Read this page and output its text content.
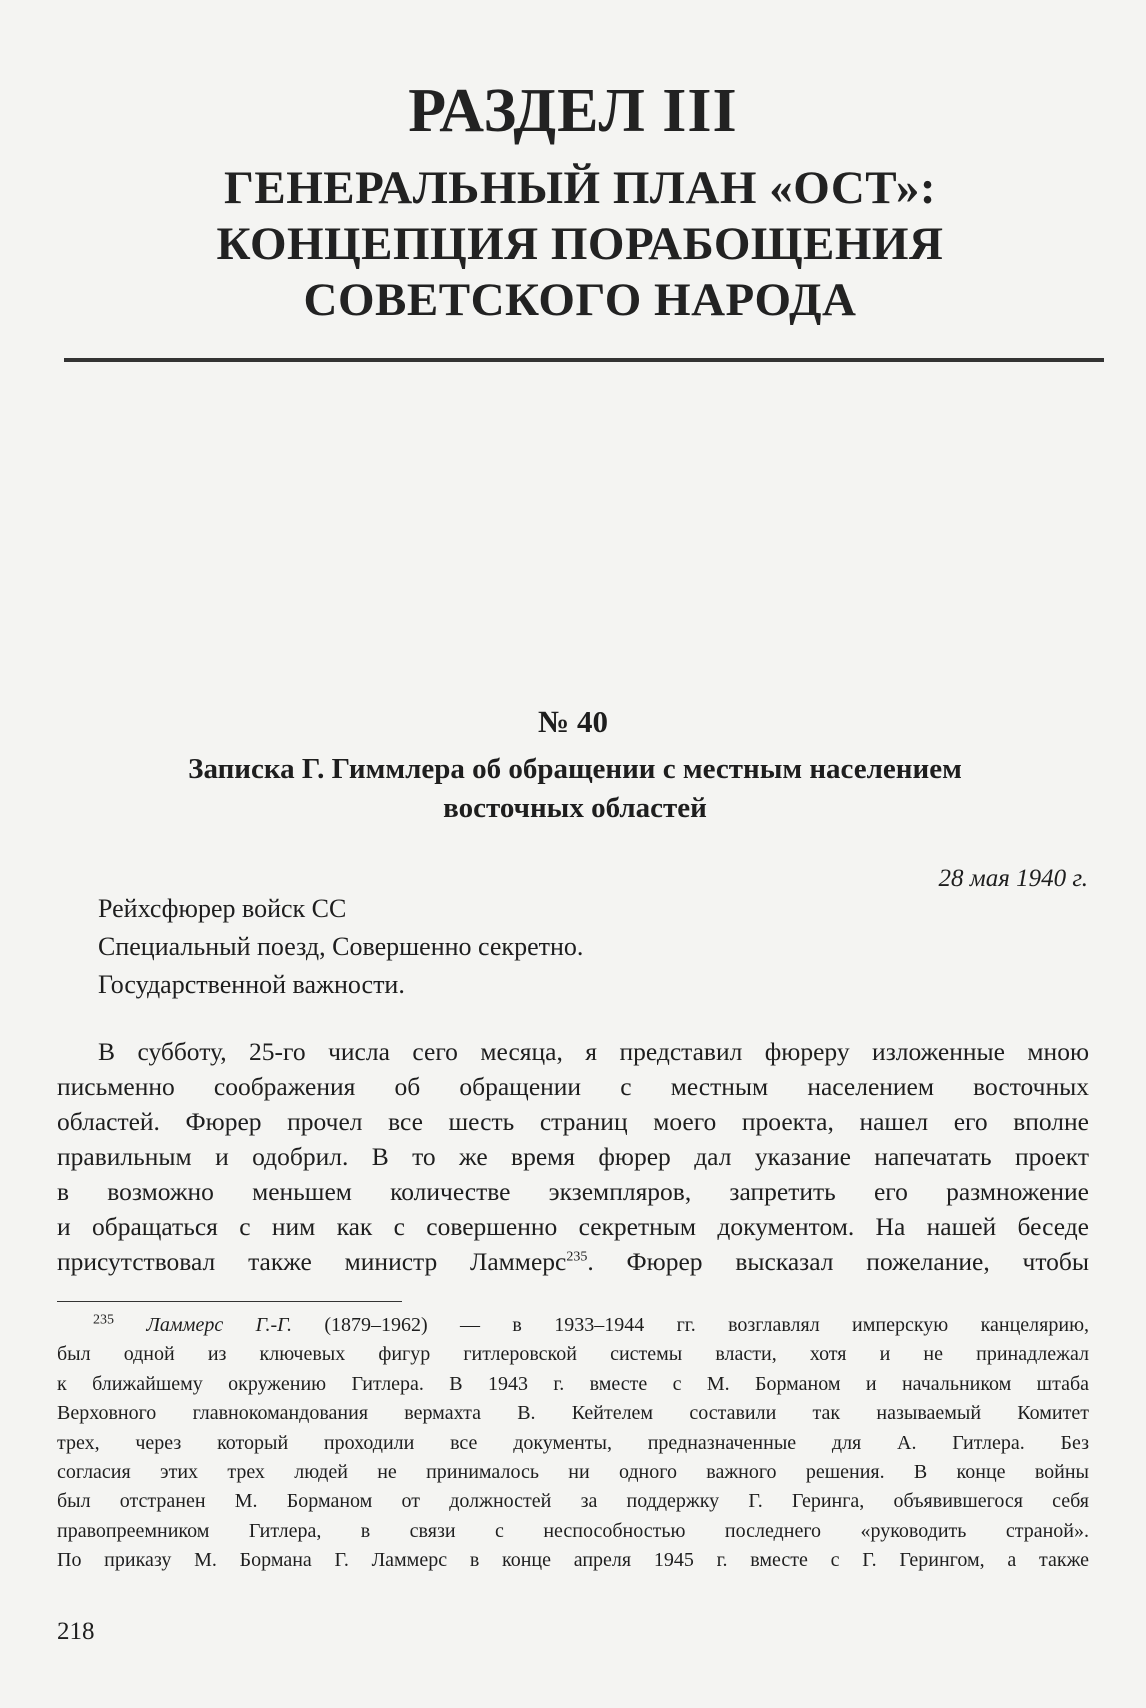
РАЗДЕЛ III
ГЕНЕРАЛЬНЫЙ ПЛАН «ОСТ»:
КОНЦЕПЦИЯ ПОРАБОЩЕНИЯ
СОВЕТСКОГО НАРОДА
№ 40
Записка Г. Гиммлера об обращении с местным населением
восточных областей
28 мая 1940 г.
Рейхсфюрер войск СС
Специальный поезд, Совершенно секретно.
Государственной важности.
В субботу, 25-го числа сего месяца, я представил фюреру изложенные мною
письменно соображения об обращении с местным населением восточных
областей. Фюрер прочел все шесть страниц моего проекта, нашел его вполне
правильным и одобрил. В то же время фюрер дал указание напечатать проект
в возможно меньшем количестве экземпляров, запретить его размножение
и обращаться с ним как с совершенно секретным документом. На нашей беседе
присутствовал также министр Ламмерс$^{235}$. Фюрер высказал пожелание, чтобы
$^{235}$ Ламмерс Г.-Г. (1879–1962) — в 1933–1944 гг. возглавлял имперскую канцелярию,
был одной из ключевых фигур гитлеровской системы власти, хотя и не принадлежал
к ближайшему окружению Гитлера. В 1943 г. вместе с М. Борманом и начальником штаба
Верховного главнокомандования вермахта В. Кейтелем составили так называемый Комитет
трех, через который проходили все документы, предназначенные для А. Гитлера. Без
согласия этих трех людей не принималось ни одного важного решения. В конце войны
был отстранен М. Борманом от должностей за поддержку Г. Геринга, объявившегося себя
правопреемником Гитлера, в связи с неспособностью последнего «руководить страной».
По приказу М. Бормана Г. Ламмерс в конце апреля 1945 г. вместе с Г. Герингом, а также
218
